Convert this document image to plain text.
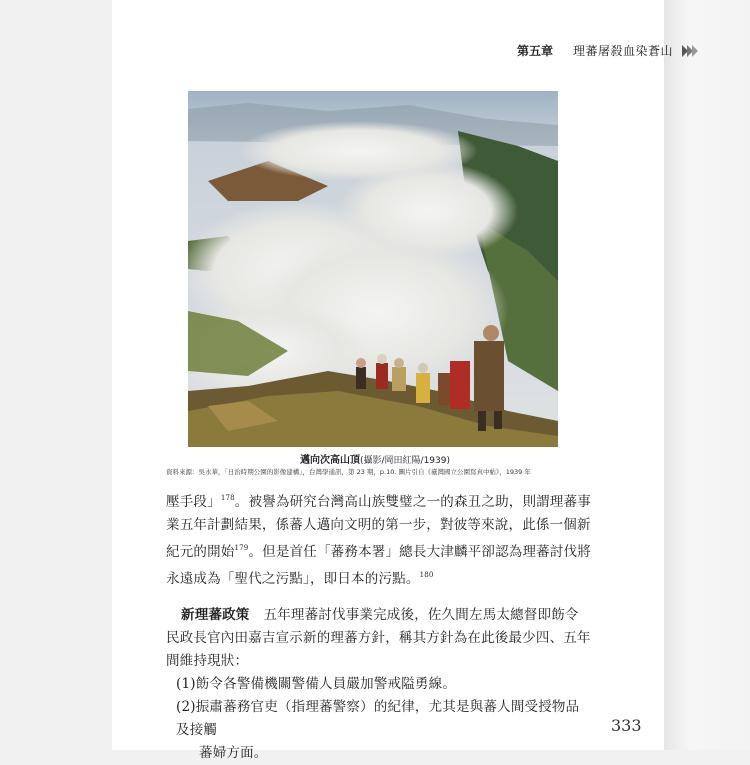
第五章 理蕃屠殺血染蒼山
邁向次高山頂(攝影/岡田紅陽/1939)
資料來源：吳永華，「日治時期公園的影像建構」，台灣學通訊，第 23 期，p.10. 圖片引自《臺灣國立公園寫真中帖》，1939 年

壓手段」$^{178}$。被譽為研究台灣高山族雙璧之一的森丑之助，則謂理蕃事業五年計劃結果，係蕃人邁向文明的第一步，對彼等來說，此係一個新紀元的開始$^{179}$。但是首任「蕃務本署」總長大津麟平卻認為理蕃討伐將永遠成為「聖代之污點」，即日本的污點。$^{180}$

新理蕃政策 五年理蕃討伐事業完成後，佐久間左馬太總督即飭令民政長官內田嘉吉宣示新的理蕃方針，稱其方針為在此後最少四、五年間維持現狀：

(1)飭令各警備機關警備人員嚴加警戒隘勇線。

(2)振肅蕃務官吏（指理蕃警察）的紀律，尤其是與蕃人間受授物品及接觸

蕃婦方面。

333
